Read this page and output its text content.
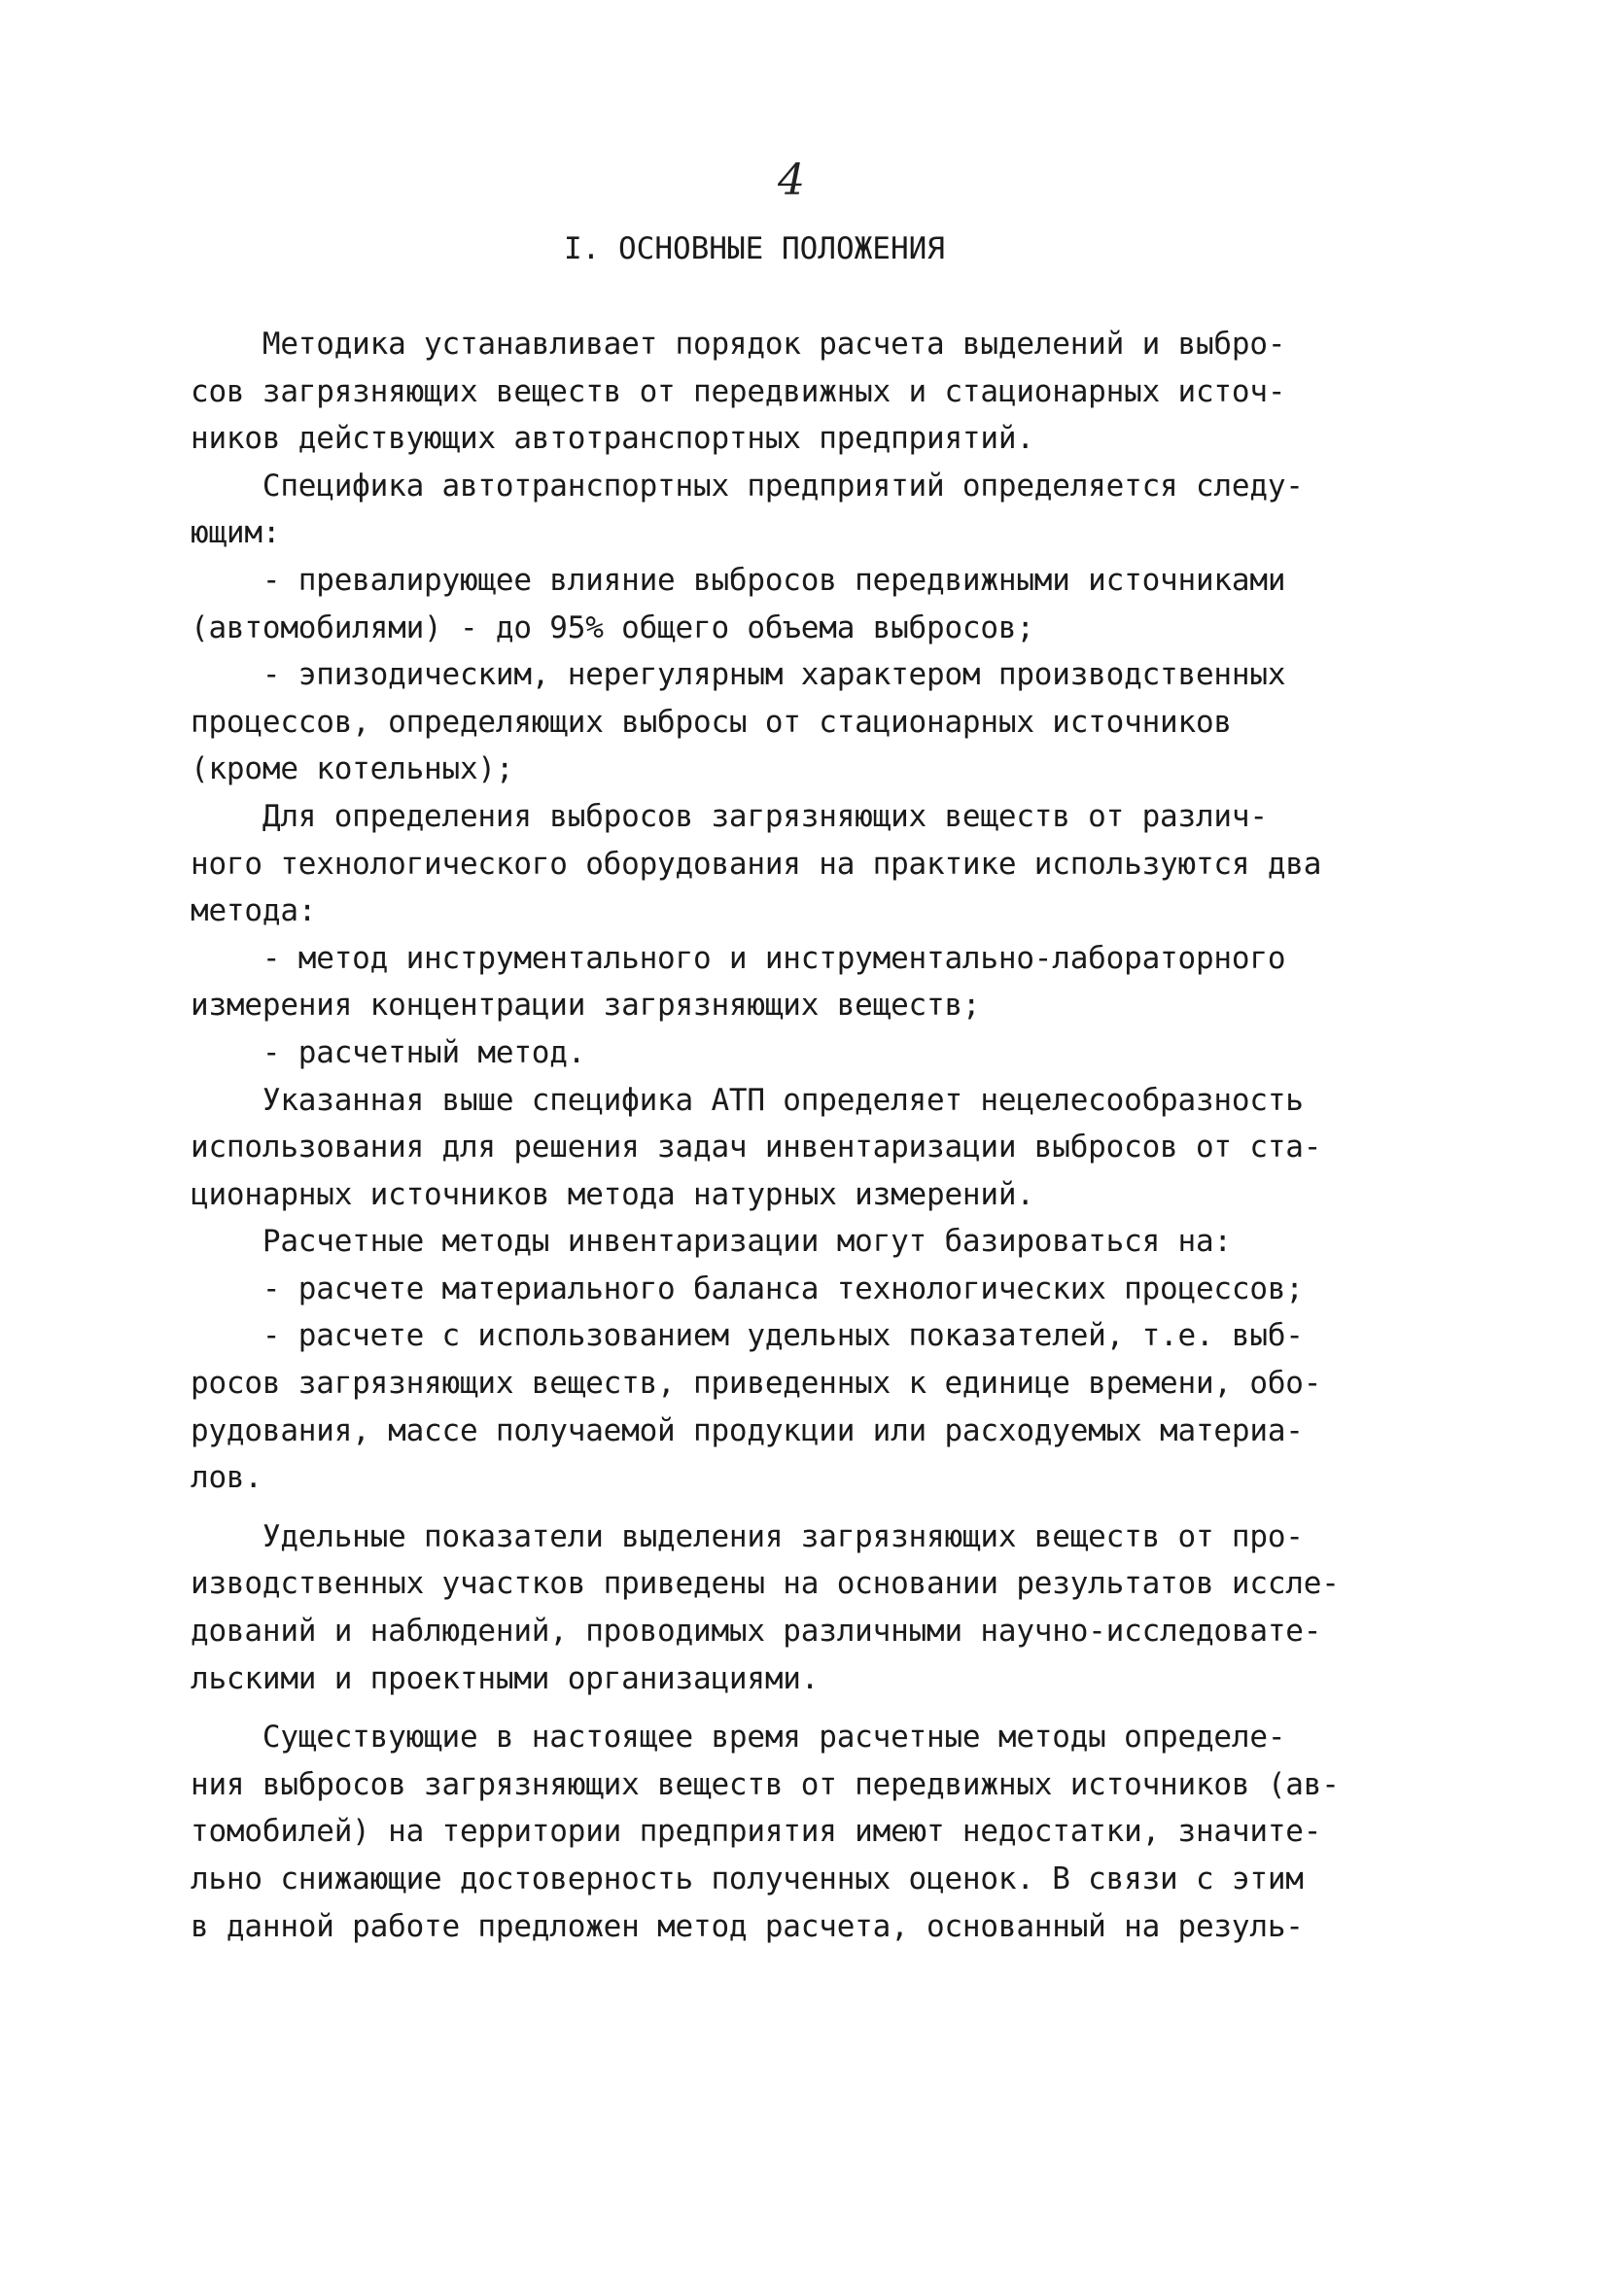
4
I. ОСНОВНЫЕ ПОЛОЖЕНИЯ
Методика устанавливает порядок расчета выделений и выбро-
сов загрязняющих веществ от передвижных и стационарных источ-
ников действующих автотранспортных предприятий.
Специфика автотранспортных предприятий определяется следу-
ющим:
- превалирующее влияние выбросов передвижными источниками
(автомобилями) - до 95% общего объема выбросов;
- эпизодическим, нерегулярным характером производственных
процессов, определяющих выбросы от стационарных источников
(кроме котельных);
Для определения выбросов загрязняющих веществ от различ-
ного технологического оборудования на практике используются два
метода:
- метод инструментального и инструментально-лабораторного
измерения концентрации загрязняющих веществ;
- расчетный метод.
Указанная выше специфика АТП определяет нецелесообразность
использования для решения задач инвентаризации выбросов от ста-
ционарных источников метода натурных измерений.
Расчетные методы инвентаризации могут базироваться на:
- расчете материального баланса технологических процессов;
- расчете с использованием удельных показателей, т.е. выб-
росов загрязняющих веществ, приведенных к единице времени, обо-
рудования, массе получаемой продукции или расходуемых материа-
лов.
Удельные показатели выделения загрязняющих веществ от про-
изводственных участков приведены на основании результатов иссле-
дований и наблюдений, проводимых различными научно-исследовате-
льскими и проектными организациями.
Существующие в настоящее время расчетные методы определе-
ния выбросов загрязняющих веществ от передвижных источников (ав-
томобилей) на территории предприятия имеют недостатки, значите-
льно снижающие достоверность полученных оценок. В связи с этим
в данной работе предложен метод расчета, основанный на резуль-
